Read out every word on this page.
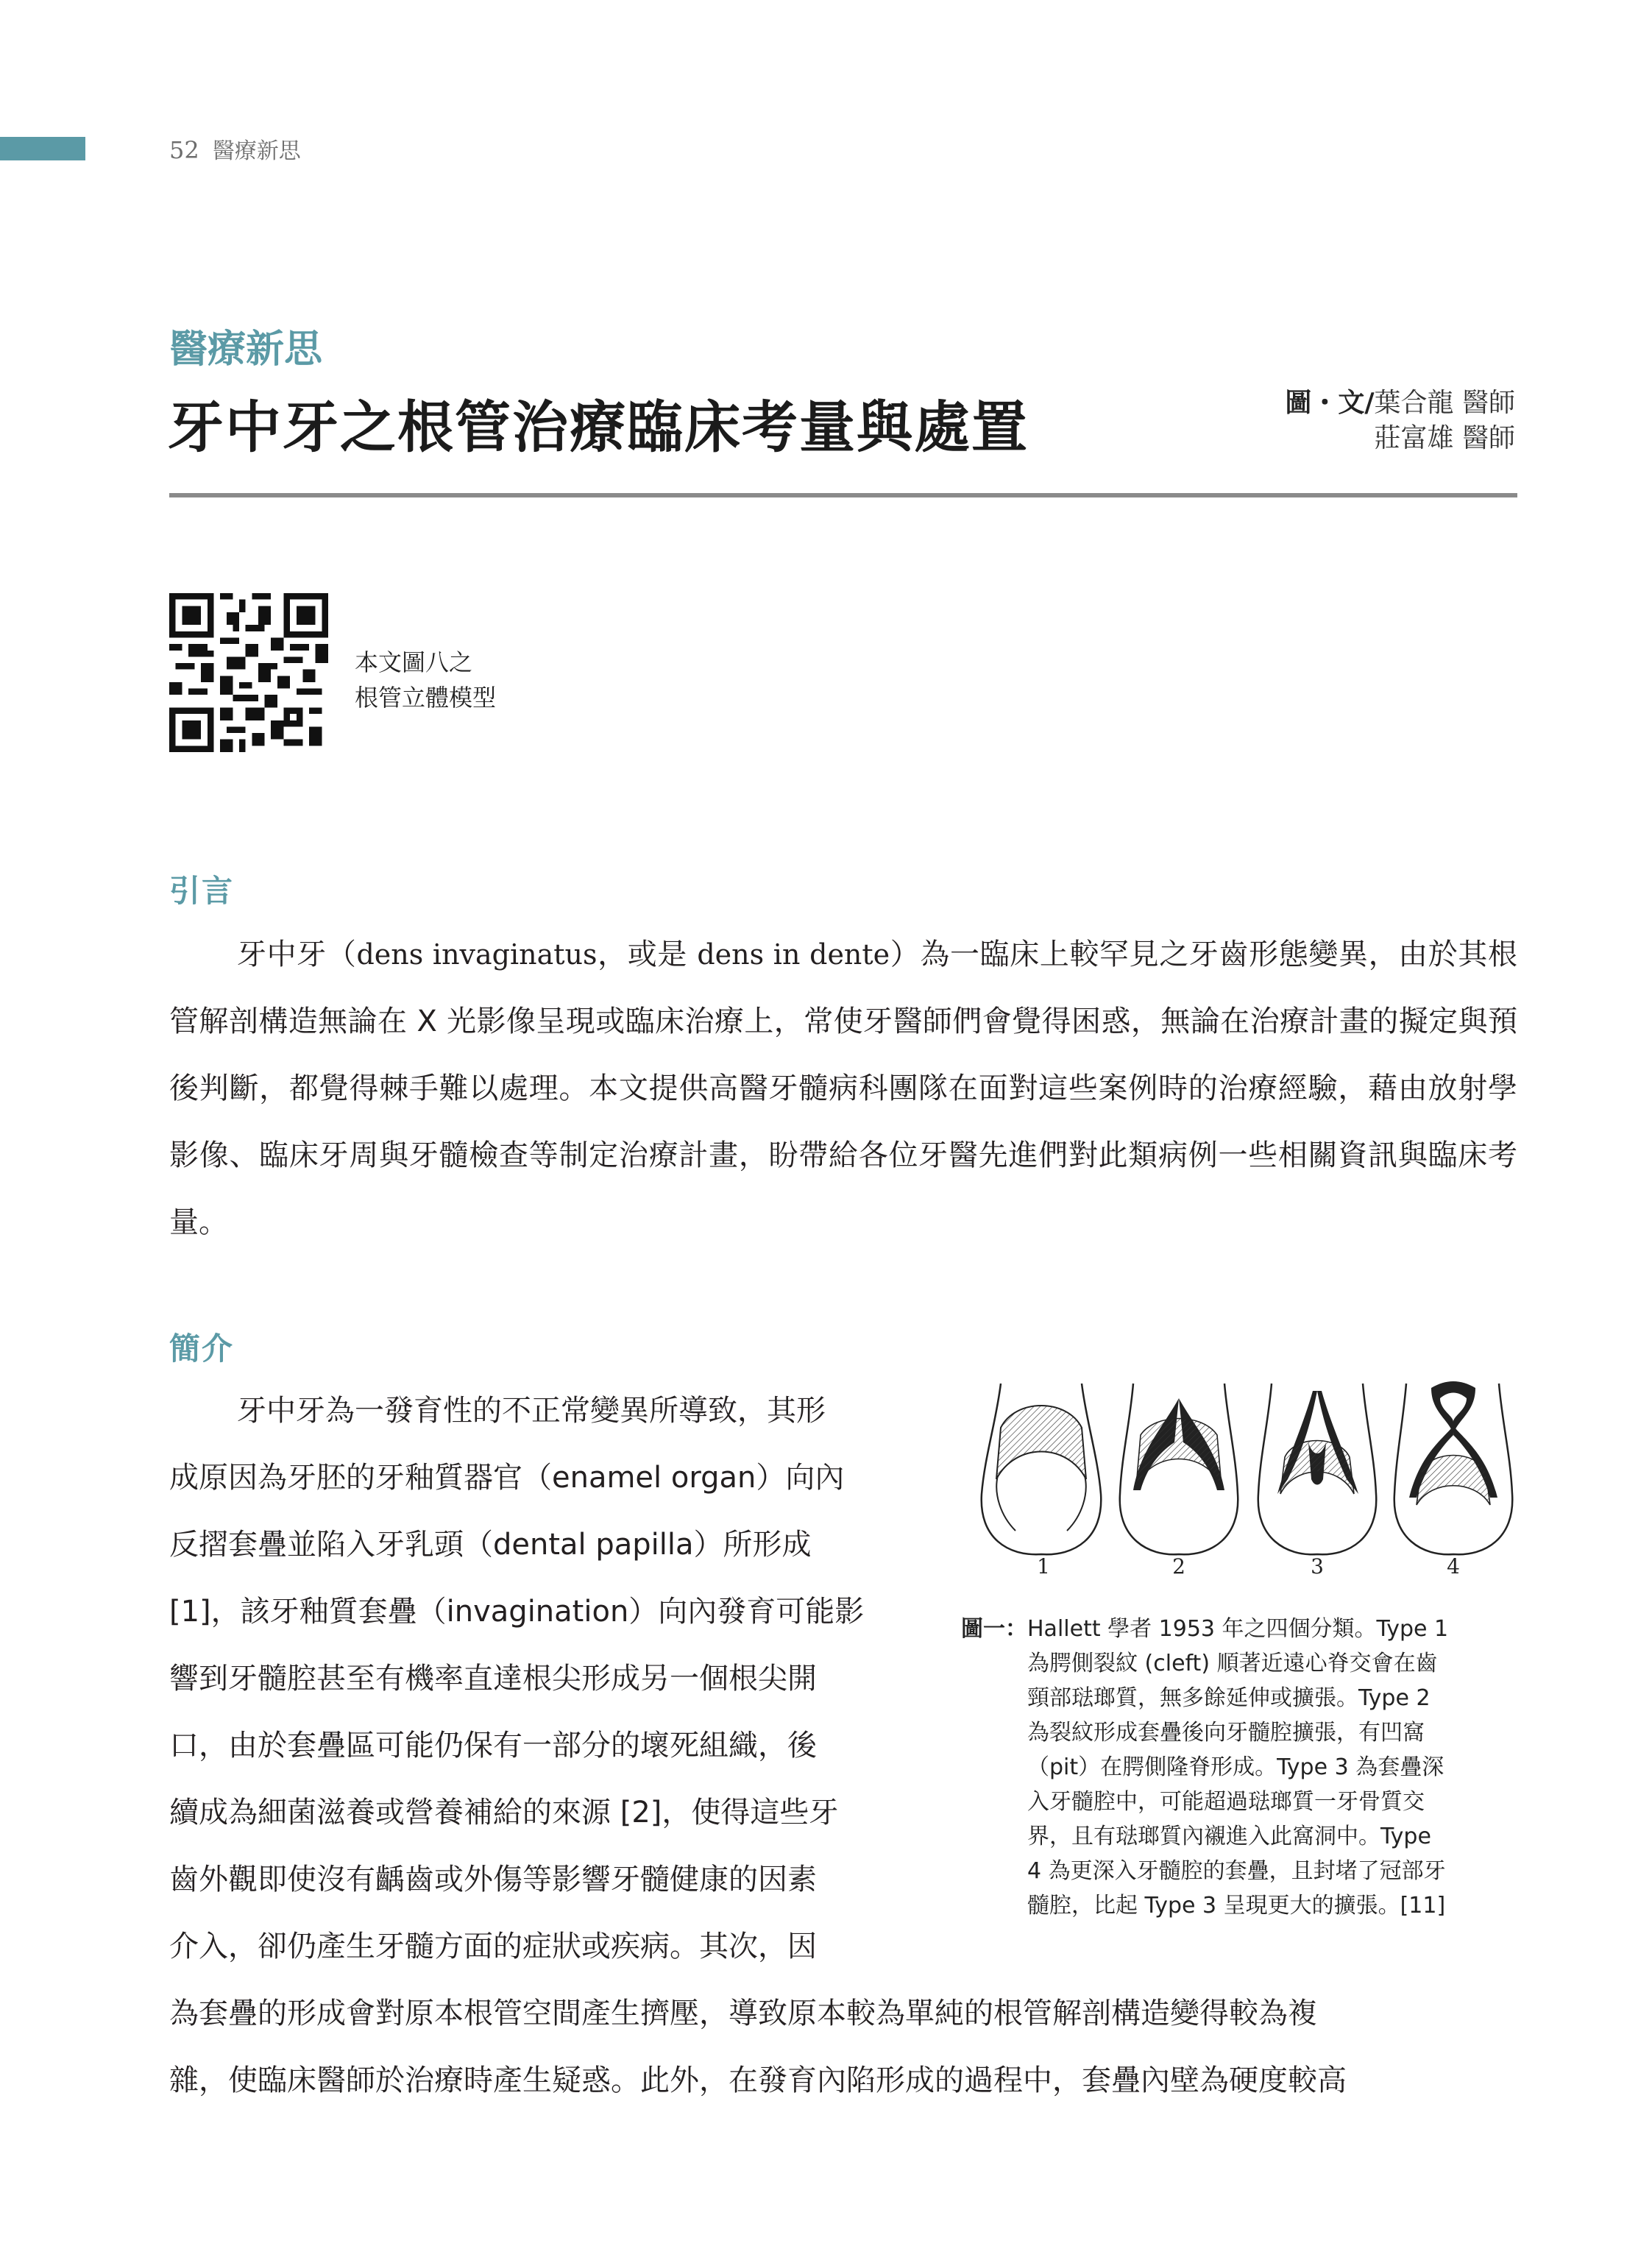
52 醫療新思
醫療新思
牙中牙之根管治療臨床考量與處置	圖・文/葉合龍 醫師
莊富雄 醫師
本文圖八之
根管立體模型
引言

牙中牙（dens invaginatus，或是 dens in dente）為一臨床上較罕見之牙齒形態變異，由於其根管解剖構造無論在 X 光影像呈現或臨床治療上，常使牙醫師們會覺得困惑，無論在治療計畫的擬定與預後判斷，都覺得棘手難以處理。本文提供高醫牙髓病科團隊在面對這些案例時的治療經驗，藉由放射學影像、臨床牙周與牙髓檢查等制定治療計畫，盼帶給各位牙醫先進們對此類病例一些相關資訊與臨床考量。

簡介
牙中牙為一發育性的不正常變異所導致，其形
成原因為牙胚的牙釉質器官（enamel organ）向內
反摺套疊並陷入牙乳頭（dental papilla）所形成
[1]，該牙釉質套疊（invagination）向內發育可能影
響到牙髓腔甚至有機率直達根尖形成另一個根尖開
口，由於套疊區可能仍保有一部分的壞死組織，後
續成為細菌滋養或營養補給的來源 [2]，使得這些牙
齒外觀即使沒有齲齒或外傷等影響牙髓健康的因素
介入，卻仍產生牙髓方面的症狀或疾病。其次，因
為套疊的形成會對原本根管空間產生擠壓，導致原本較為單純的根管解剖構造變得較為複
雜，使臨床醫師於治療時產生疑惑。此外，在發育內陷形成的過程中，套疊內壁為硬度較高
1	2	3	4
圖一： Hallett 學者 1953 年之四個分類。Type 1
為腭側裂紋 (cleft) 順著近遠心脊交會在齒
頸部琺瑯質，無多餘延伸或擴張。Type 2
為裂紋形成套疊後向牙髓腔擴張，有凹窩
（pit）在腭側隆脊形成。Type 3 為套疊深
入牙髓腔中，可能超過琺瑯質一牙骨質交
界，且有琺瑯質內襯進入此窩洞中。Type
4 為更深入牙髓腔的套疊，且封堵了冠部牙
髓腔，比起 Type 3 呈現更大的擴張。[11]
